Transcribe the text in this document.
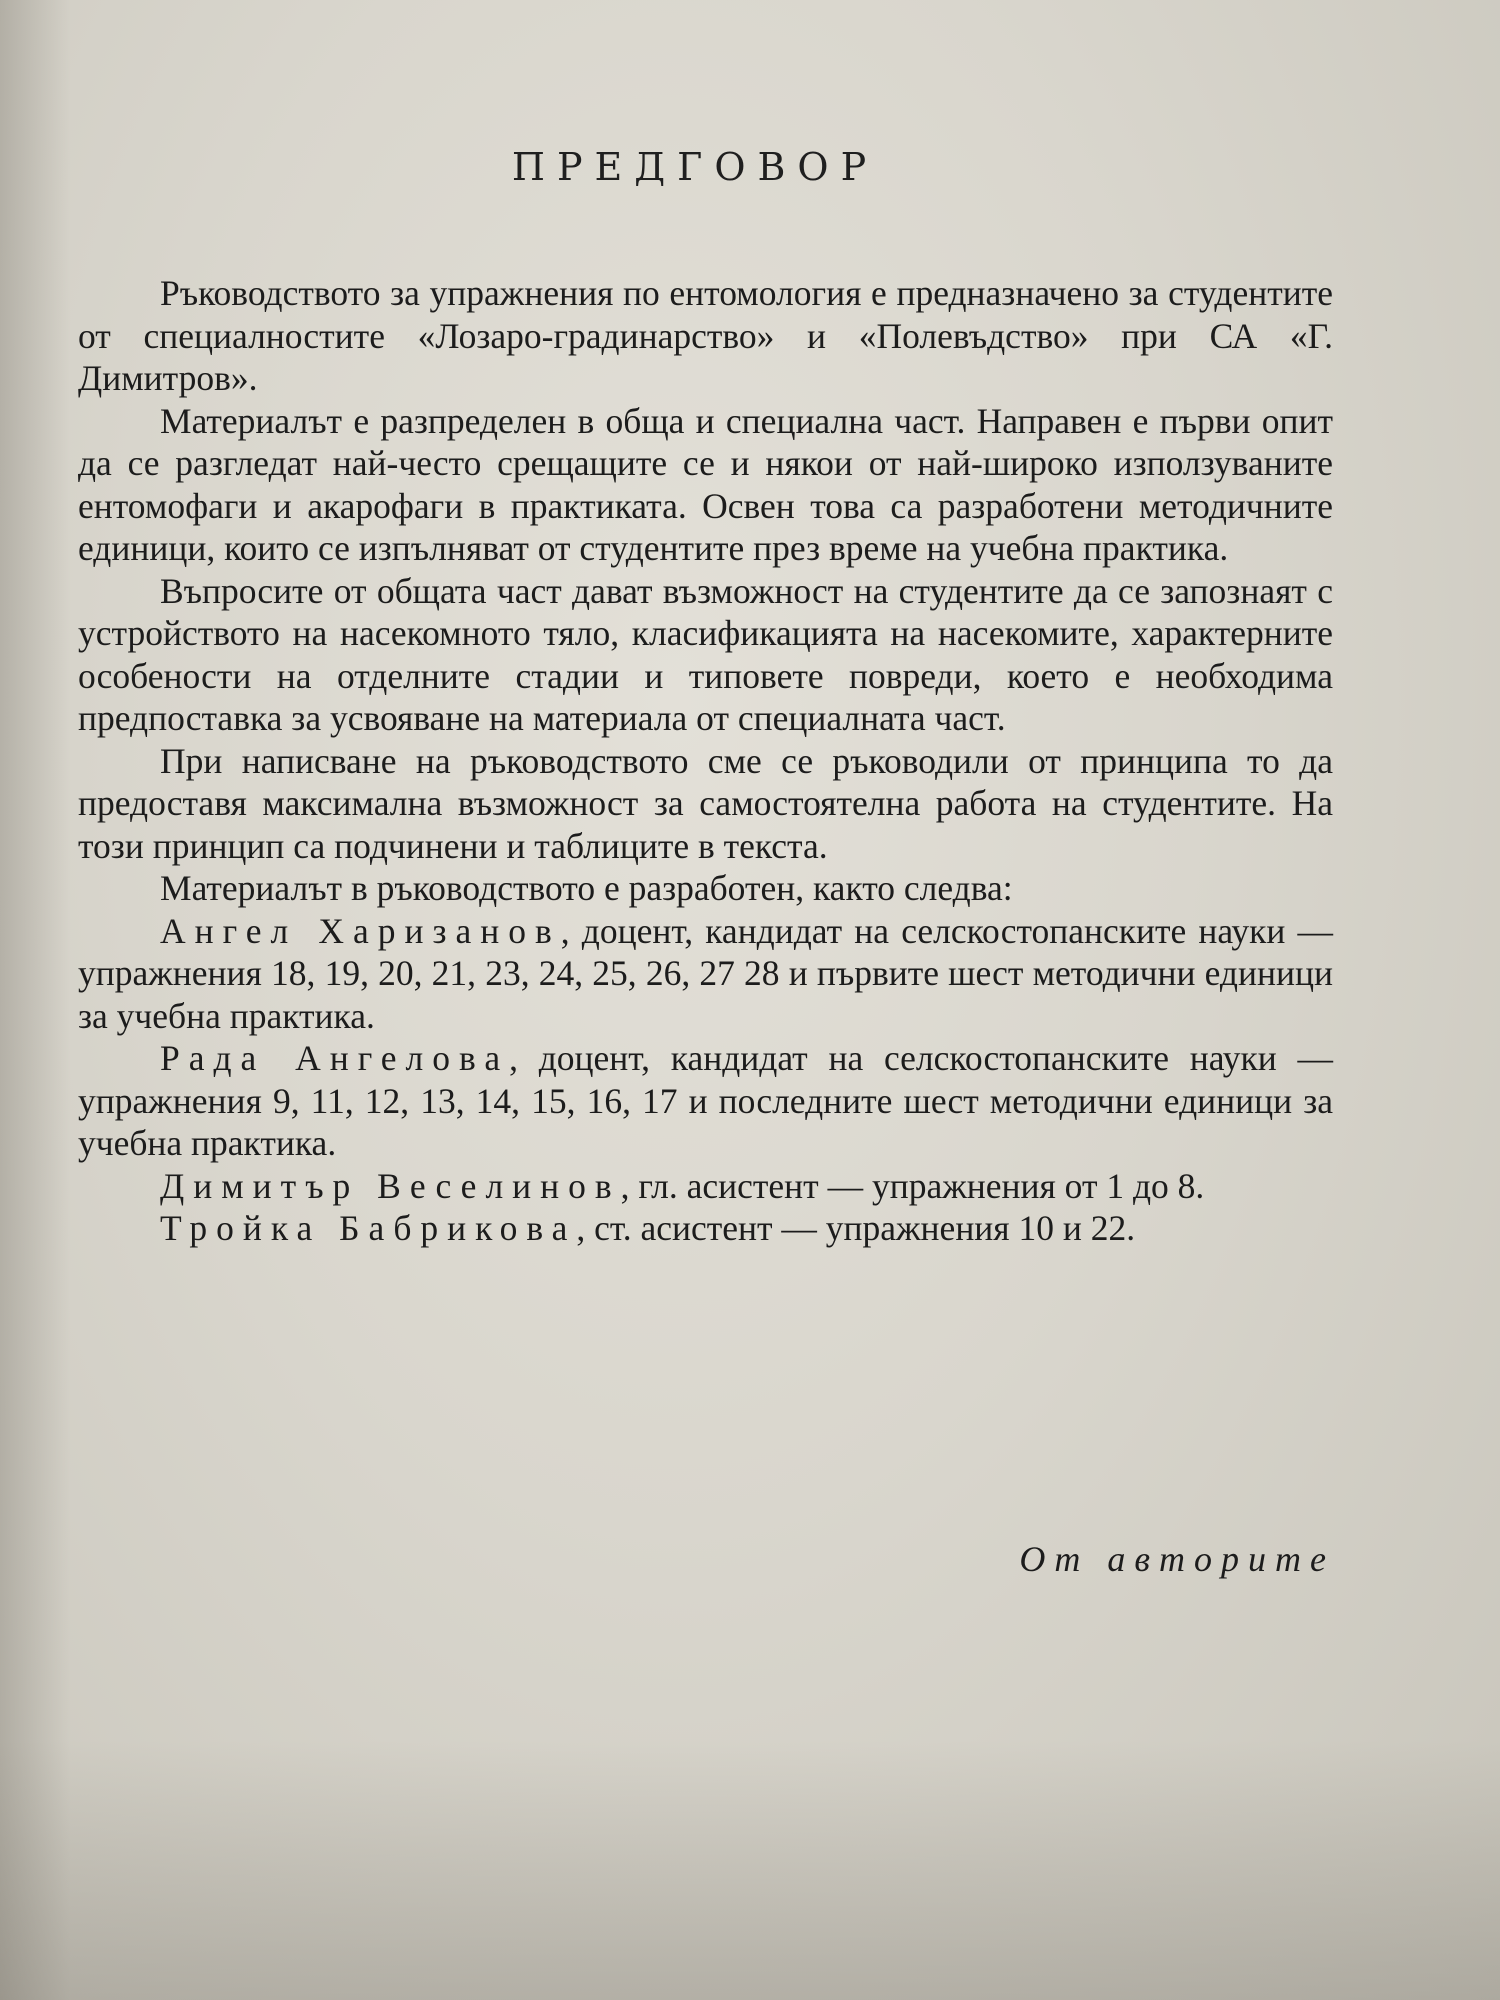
ПРЕДГОВОР

Ръководството за упражнения по ентомология е предназначено за студентите от специалностите «Лозаро-градинарство» и «Полевъдство» при СА «Г. Димитров».

Материалът е разпределен в обща и специална част. Направен е първи опит да се разгледат най-често срещащите се и някои от най-широко използуваните ентомофаги и акарофаги в практиката. Освен това са разработени методичните единици, които се изпълняват от студентите през време на учебна практика.

Въпросите от общата част дават възможност на студентите да се запознаят с устройството на насекомното тяло, класификацията на насекомите, характерните особености на отделните стадии и типовете повреди, което е необходима предпоставка за усвояване на материала от специалната част.

При написване на ръководството сме се ръководили от принципа то да предоставя максимална възможност за самостоятелна работа на студентите. На този принцип са подчинени и таблиците в текста.

Материалът в ръководството е разработен, както следва:

Ангел Харизанов, доцент, кандидат на селскостопанските науки — упражнения 18, 19, 20, 21, 23, 24, 25, 26, 27 28 и първите шест методични единици за учебна практика.

Рада Ангелова, доцент, кандидат на селскостопанските науки — упражнения 9, 11, 12, 13, 14, 15, 16, 17 и последните шест методични единици за учебна практика.

Димитър Веселинов, гл. асистент — упражнения от 1 до 8.

Тройка Бабрикова, ст. асистент — упражнения 10 и 22.

От авторите
